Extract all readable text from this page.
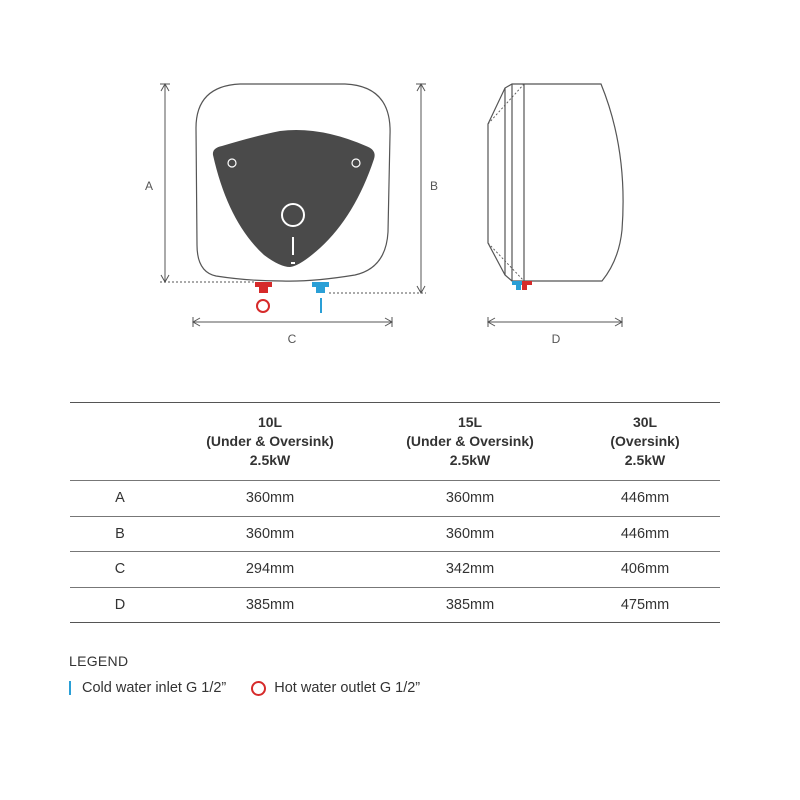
A	B
C	D

	10L
(Under & Oversink)
2.5kW	15L
(Under & Oversink)
2.5kW	30L
(Oversink)
2.5kW

A	360mm	360mm	446mm
B	360mm	360mm	446mm
C	294mm	342mm	406mm
D	385mm	385mm	475mm
LEGEND
Cold water inlet G 1/2”	Hot water outlet G 1/2”
